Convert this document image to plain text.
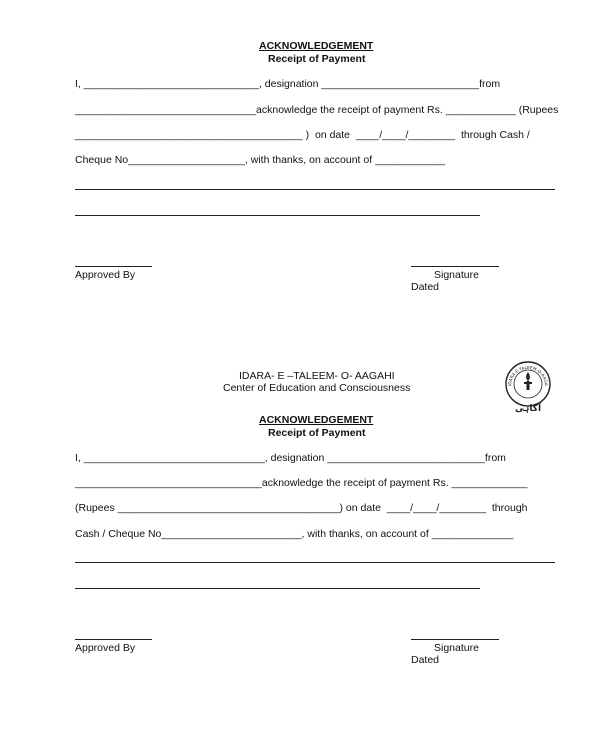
ACKNOWLEDGEMENT
Receipt of Payment
I, ______________________________, designation ___________________________from
_______________________________acknowledge the receipt of payment Rs. ____________ (Rupees
_______________________________________ )  on date  ____/____/________  through Cash /
Cheque No____________________, with thanks, on account of ____________
Approved By	Signature
Dated
IDARA- E –TALEEM- O- AAGAHI
Center of Education and Consciousness	IDARA-E-TALEEM-O-AAGA
آگاہی
ACKNOWLEDGEMENT
Receipt of Payment
I, _______________________________, designation ___________________________from
________________________________acknowledge the receipt of payment Rs. _____________
(Rupees ______________________________________) on date  ____/____/________  through
Cash / Cheque No________________________, with thanks, on account of ______________
Approved By	Signature
Dated
